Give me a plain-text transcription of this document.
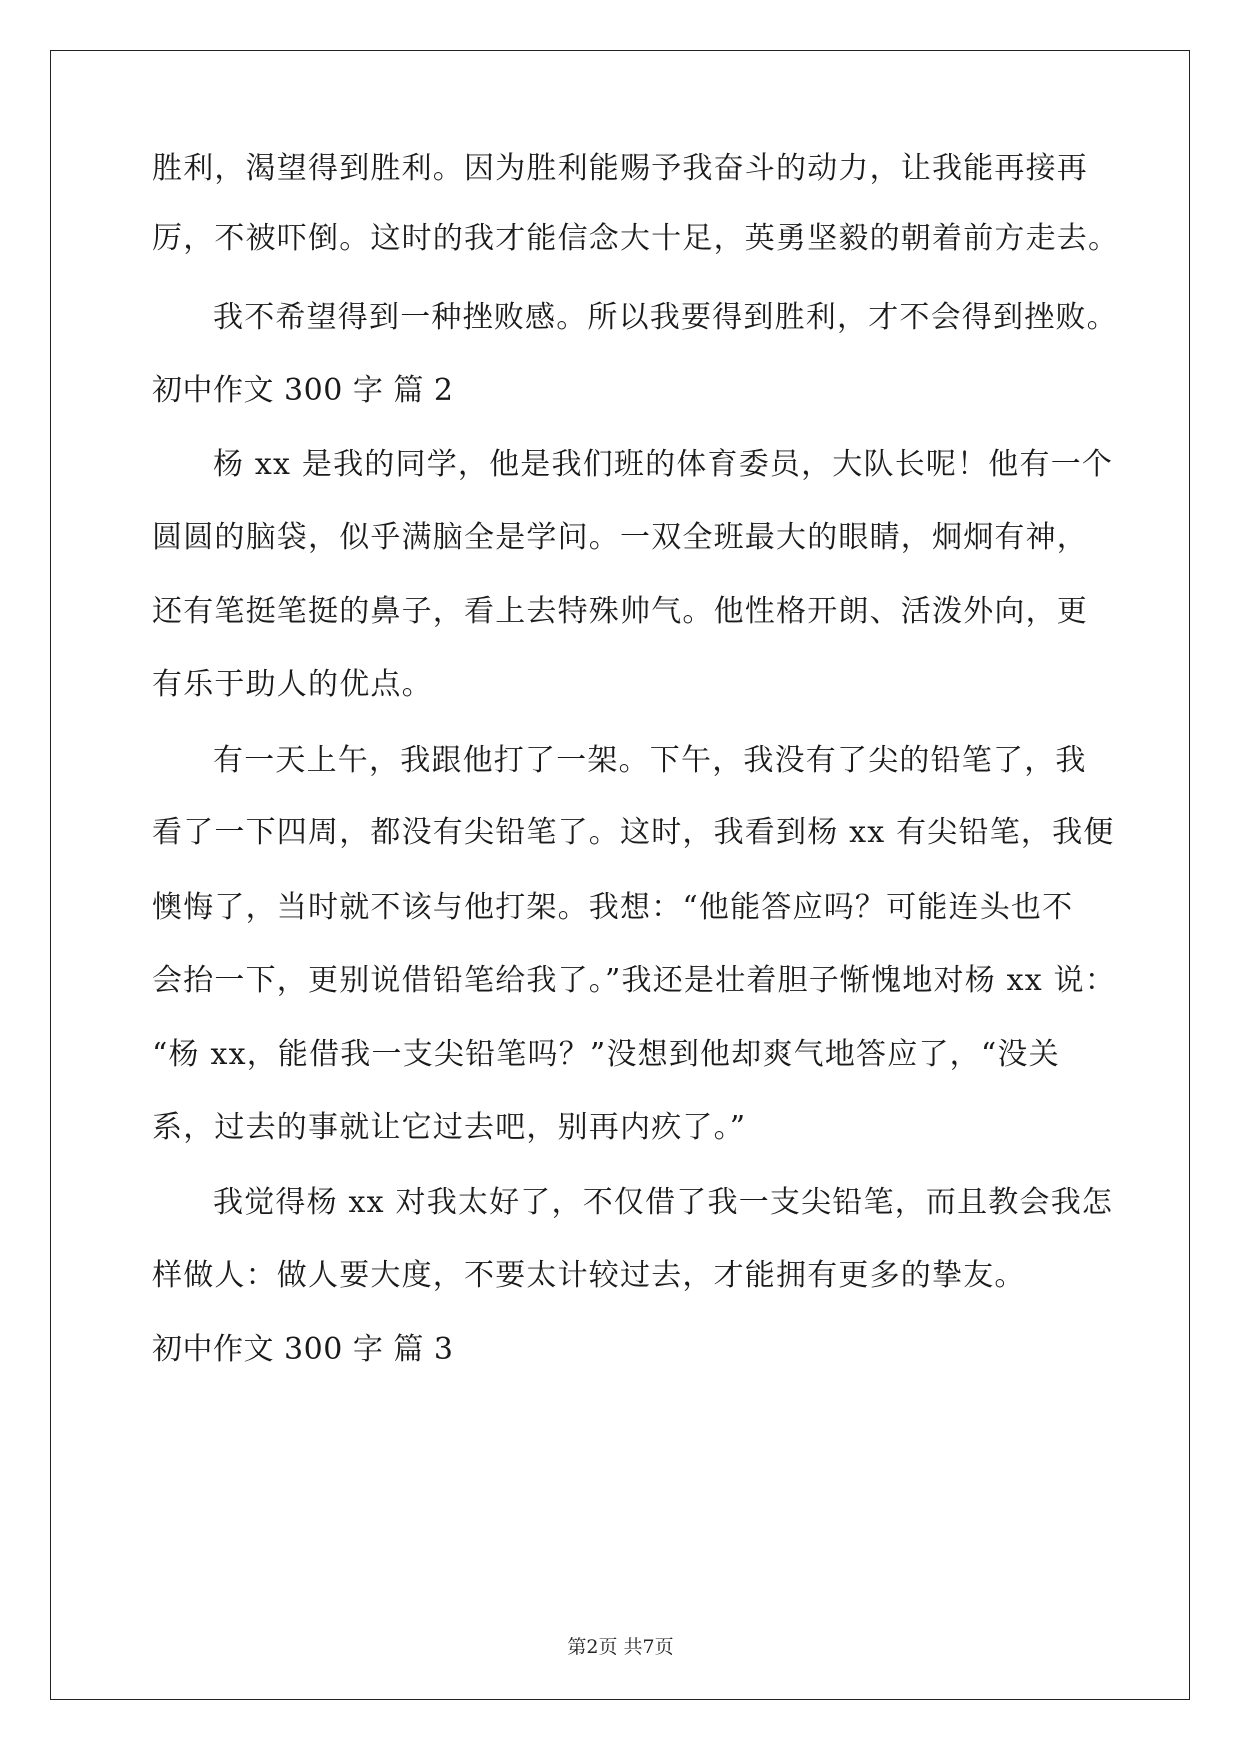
胜利，渴望得到胜利。因为胜利能赐予我奋斗的动力，让我能再接再
厉，不被吓倒。这时的我才能信念大十足，英勇坚毅的朝着前方走去。
我不希望得到一种挫败感。所以我要得到胜利，才不会得到挫败。
初中作文 300 字 篇 2
杨 xx 是我的同学，他是我们班的体育委员，大队长呢！他有一个
圆圆的脑袋，似乎满脑全是学问。一双全班最大的眼睛，炯炯有神，
还有笔挺笔挺的鼻子，看上去特殊帅气。他性格开朗、活泼外向，更
有乐于助人的优点。
有一天上午，我跟他打了一架。下午，我没有了尖的铅笔了，我
看了一下四周，都没有尖铅笔了。这时，我看到杨 xx 有尖铅笔，我便
懊悔了，当时就不该与他打架。我想：“他能答应吗？可能连头也不
会抬一下，更别说借铅笔给我了。”我还是壮着胆子惭愧地对杨 xx 说：
“杨 xx，能借我一支尖铅笔吗？”没想到他却爽气地答应了，“没关
系，过去的事就让它过去吧，别再内疚了。”
我觉得杨 xx 对我太好了，不仅借了我一支尖铅笔，而且教会我怎
样做人：做人要大度，不要太计较过去，才能拥有更多的挚友。
初中作文 300 字 篇 3
第2页 共7页
